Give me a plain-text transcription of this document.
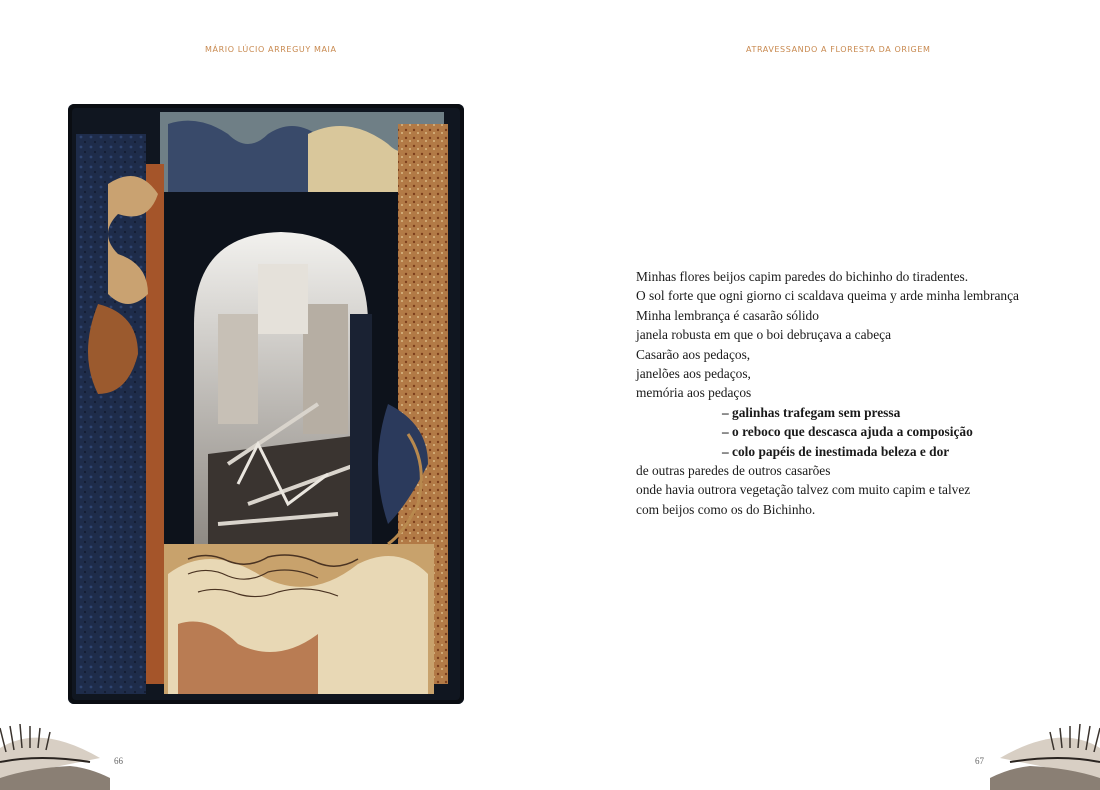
MÁRIO LÚCIO ARREGUY MAIA
66
ATRAVESSANDO A FLORESTA DA ORIGEM
Minhas flores beijos capim paredes do bichinho do tiradentes.
O sol forte que ogni giorno ci scaldava queima y arde minha lembrança
Minha lembrança é casarão sólido
janela robusta em que o boi debruçava a cabeça
Casarão aos pedaços,
janelões aos pedaços,
memória aos pedaços
– galinhas trafegam sem pressa
– o reboco que descasca ajuda a composição
– colo papéis de inestimada beleza e dor
de outras paredes de outros casarões
onde havia outrora vegetação talvez com muito capim e talvez
com beijos como os do Bichinho.
67
